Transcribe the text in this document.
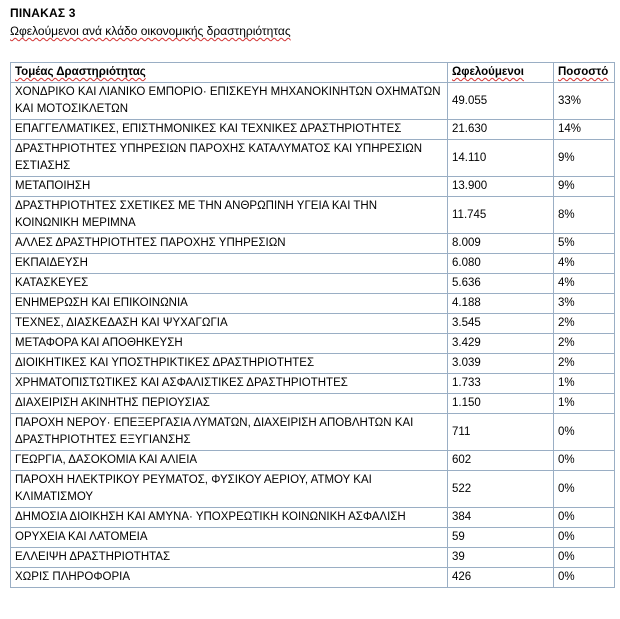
ΠΙΝΑΚΑΣ 3
Ωφελούμενοι ανά κλάδο οικονομικής δραστηριότητας
Τομέας Δραστηριότητας	Ωφελούμενοι	Ποσοστό
ΧΟΝΔΡΙΚΟ ΚΑΙ ΛΙΑΝΙΚΟ ΕΜΠΟΡΙΟ· ΕΠΙΣΚΕΥΗ ΜΗΧΑΝΟΚΙΝΗΤΩΝ ΟΧΗΜΑΤΩΝ ΚΑΙ ΜΟΤΟΣΙΚΛΕΤΩΝ	49.055	33%
ΕΠΑΓΓΕΛΜΑΤΙΚΕΣ, ΕΠΙΣΤΗΜΟΝΙΚΕΣ ΚΑΙ ΤΕΧΝΙΚΕΣ ΔΡΑΣΤΗΡΙΟΤΗΤΕΣ	21.630	14%
ΔΡΑΣΤΗΡΙΟΤΗΤΕΣ ΥΠΗΡΕΣΙΩΝ ΠΑΡΟΧΗΣ ΚΑΤΑΛΥΜΑΤΟΣ ΚΑΙ ΥΠΗΡΕΣΙΩΝ ΕΣΤΙΑΣΗΣ	14.110	9%
ΜΕΤΑΠΟΙΗΣΗ	13.900	9%
ΔΡΑΣΤΗΡΙΟΤΗΤΕΣ ΣΧΕΤΙΚΕΣ ΜΕ ΤΗΝ ΑΝΘΡΩΠΙΝΗ ΥΓΕΙΑ ΚΑΙ ΤΗΝ ΚΟΙΝΩΝΙΚΗ ΜΕΡΙΜΝΑ	11.745	8%
ΑΛΛΕΣ ΔΡΑΣΤΗΡΙΟΤΗΤΕΣ ΠΑΡΟΧΗΣ ΥΠΗΡΕΣΙΩΝ	8.009	5%
ΕΚΠΑΙΔΕΥΣΗ	6.080	4%
ΚΑΤΑΣΚΕΥΕΣ	5.636	4%
ΕΝΗΜΕΡΩΣΗ ΚΑΙ ΕΠΙΚΟΙΝΩΝΙΑ	4.188	3%
ΤΕΧΝΕΣ, ΔΙΑΣΚΕΔΑΣΗ ΚΑΙ ΨΥΧΑΓΩΓΙΑ	3.545	2%
ΜΕΤΑΦΟΡΑ ΚΑΙ ΑΠΟΘΗΚΕΥΣΗ	3.429	2%
ΔΙΟΙΚΗΤΙΚΕΣ ΚΑΙ ΥΠΟΣΤΗΡΙΚΤΙΚΕΣ ΔΡΑΣΤΗΡΙΟΤΗΤΕΣ	3.039	2%
ΧΡΗΜΑΤΟΠΙΣΤΩΤΙΚΕΣ ΚΑΙ ΑΣΦΑΛΙΣΤΙΚΕΣ ΔΡΑΣΤΗΡΙΟΤΗΤΕΣ	1.733	1%
ΔΙΑΧΕΙΡΙΣΗ ΑΚΙΝΗΤΗΣ ΠΕΡΙΟΥΣΙΑΣ	1.150	1%
ΠΑΡΟΧΗ ΝΕΡΟΥ· ΕΠΕΞΕΡΓΑΣΙΑ ΛΥΜΑΤΩΝ, ΔΙΑΧΕΙΡΙΣΗ ΑΠΟΒΛΗΤΩΝ ΚΑΙ ΔΡΑΣΤΗΡΙΟΤΗΤΕΣ ΕΞΥΓΙΑΝΣΗΣ	711	0%
ΓΕΩΡΓΙΑ, ΔΑΣΟΚΟΜΙΑ ΚΑΙ ΑΛΙΕΙΑ	602	0%
ΠΑΡΟΧΗ ΗΛΕΚΤΡΙΚΟΥ ΡΕΥΜΑΤΟΣ, ΦΥΣΙΚΟΥ ΑΕΡΙΟΥ, ΑΤΜΟΥ ΚΑΙ ΚΛΙΜΑΤΙΣΜΟΥ	522	0%
ΔΗΜΟΣΙΑ ΔΙΟΙΚΗΣΗ ΚΑΙ ΑΜΥΝΑ· ΥΠΟΧΡΕΩΤΙΚΗ ΚΟΙΝΩΝΙΚΗ ΑΣΦΑΛΙΣΗ	384	0%
ΟΡΥΧΕΙΑ ΚΑΙ ΛΑΤΟΜΕΙΑ	59	0%
ΕΛΛΕΙΨΗ ΔΡΑΣΤΗΡΙΟΤΗΤΑΣ	39	0%
ΧΩΡΙΣ ΠΛΗΡΟΦΟΡΙΑ	426	0%
